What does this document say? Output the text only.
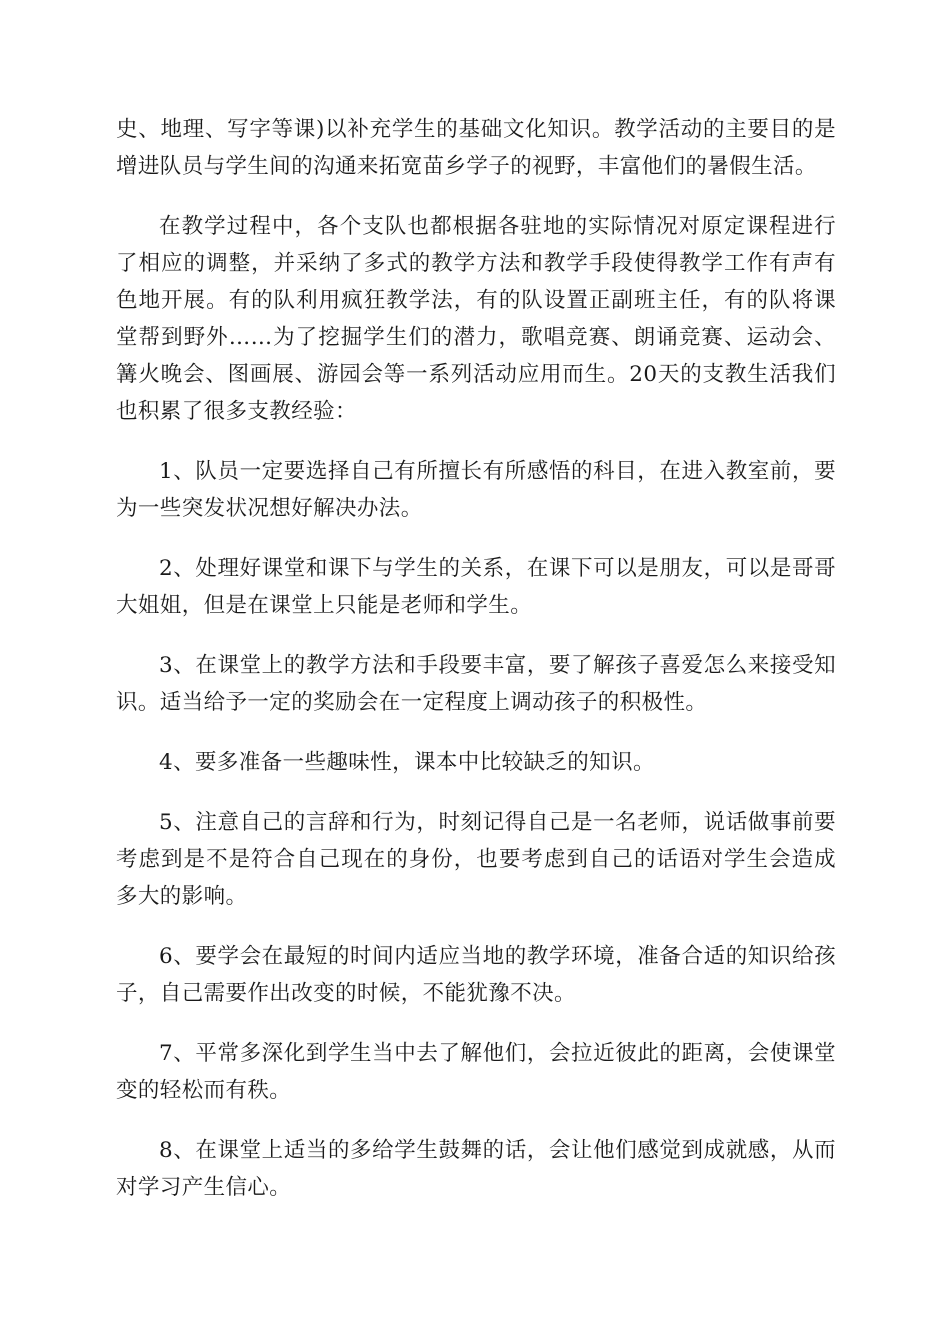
史、地理、写字等课)以补充学生的基础文化知识。教学活动的主要目的是增进队员与学生间的沟通来拓宽苗乡学子的视野，丰富他们的暑假生活。

在教学过程中，各个支队也都根据各驻地的实际情况对原定课程进行了相应的调整，并采纳了多式的教学方法和教学手段使得教学工作有声有色地开展。有的队利用疯狂教学法，有的队设置正副班主任，有的队将课堂帮到野外……为了挖掘学生们的潜力，歌唱竞赛、朗诵竞赛、运动会、篝火晚会、图画展、游园会等一系列活动应用而生。20天的支教生活我们也积累了很多支教经验：

1、队员一定要选择自己有所擅长有所感悟的科目，在进入教室前，要为一些突发状况想好解决办法。

2、处理好课堂和课下与学生的关系，在课下可以是朋友，可以是哥哥大姐姐，但是在课堂上只能是老师和学生。

3、在课堂上的教学方法和手段要丰富，要了解孩子喜爱怎么来接受知识。适当给予一定的奖励会在一定程度上调动孩子的积极性。

4、要多准备一些趣味性，课本中比较缺乏的知识。

5、注意自己的言辞和行为，时刻记得自己是一名老师，说话做事前要考虑到是不是符合自己现在的身份，也要考虑到自己的话语对学生会造成多大的影响。

6、要学会在最短的时间内适应当地的教学环境，准备合适的知识给孩子，自己需要作出改变的时候，不能犹豫不决。

7、平常多深化到学生当中去了解他们，会拉近彼此的距离，会使课堂变的轻松而有秩。

8、在课堂上适当的多给学生鼓舞的话，会让他们感觉到成就感，从而对学习产生信心。
